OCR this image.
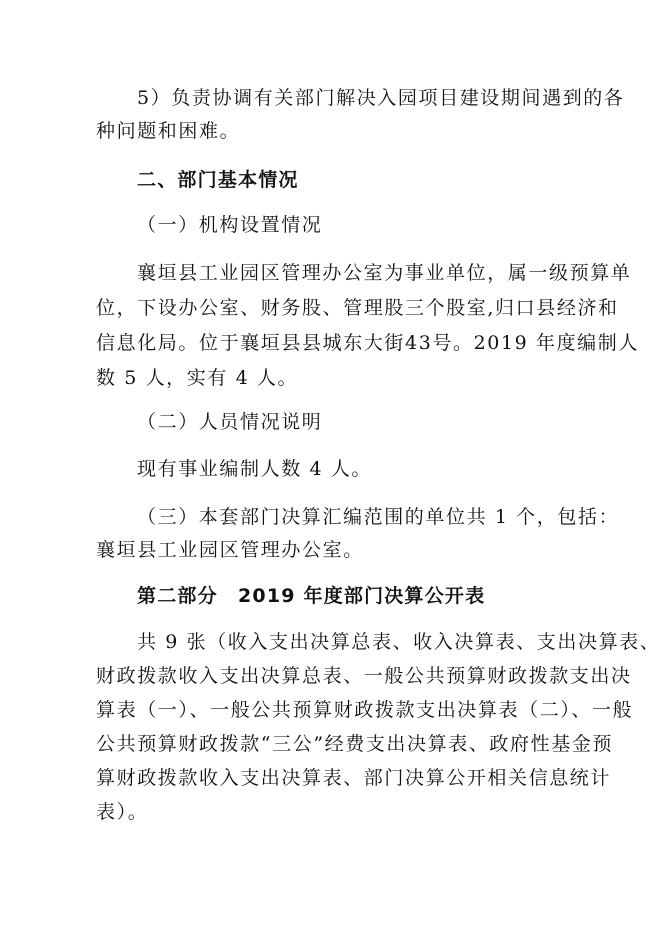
5）负责协调有关部门解决入园项目建设期间遇到的各
种问题和困难。
二、部门基本情况
（一）机构设置情况
襄垣县工业园区管理办公室为事业单位，属一级预算单
位，下设办公室、财务股、管理股三个股室,归口县经济和
信息化局。位于襄垣县县城东大街43号。2019 年度编制人
数 5 人，实有 4 人。
（二）人员情况说明
现有事业编制人数 4 人。
（三）本套部门决算汇编范围的单位共 1 个，包括：
襄垣县工业园区管理办公室。
第二部分　2019 年度部门决算公开表
共 9 张（收入支出决算总表、收入决算表、支出决算表、
财政拨款收入支出决算总表、一般公共预算财政拨款支出决
算表（一）、一般公共预算财政拨款支出决算表（二）、一般
公共预算财政拨款“三公”经费支出决算表、政府性基金预
算财政拨款收入支出决算表、部门决算公开相关信息统计
表）。
